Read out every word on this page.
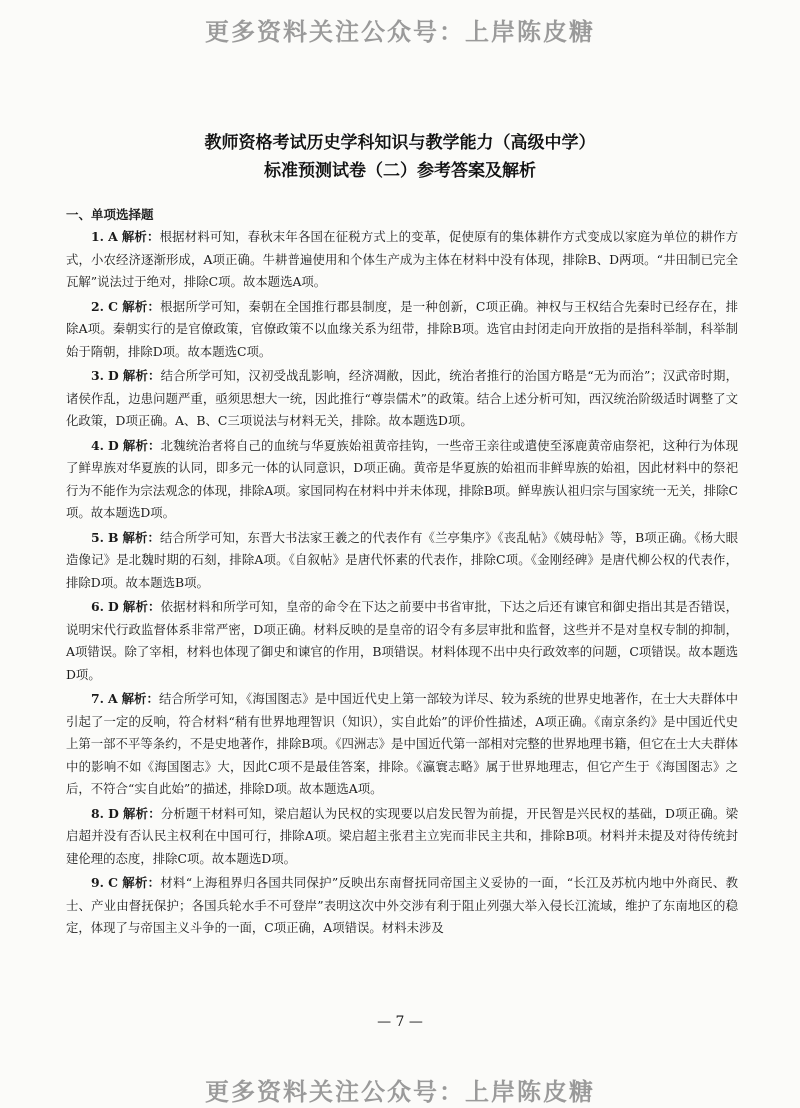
更多资料关注公众号：上岸陈皮糖
教师资格考试历史学科知识与教学能力（高级中学）
标准预测试卷（二）参考答案及解析
一、单项选择题

1. A 解析：根据材料可知，春秋末年各国在征税方式上的变革，促使原有的集体耕作方式变成以家庭为单位的耕作方式，小农经济逐渐形成，A项正确。牛耕普遍使用和个体生产成为主体在材料中没有体现，排除B、D两项。“井田制已完全瓦解”说法过于绝对，排除C项。故本题选A项。

2. C 解析：根据所学可知，秦朝在全国推行郡县制度，是一种创新，C项正确。神权与王权结合先秦时已经存在，排除A项。秦朝实行的是官僚政策，官僚政策不以血缘关系为纽带，排除B项。选官由封闭走向开放指的是指科举制，科举制始于隋朝，排除D项。故本题选C项。

3. D 解析：结合所学可知，汉初受战乱影响，经济凋敝，因此，统治者推行的治国方略是“无为而治”；汉武帝时期，诸侯作乱，边患问题严重，亟须思想大一统，因此推行“尊崇儒术”的政策。结合上述分析可知，西汉统治阶级适时调整了文化政策，D项正确。A、B、C三项说法与材料无关，排除。故本题选D项。

4. D 解析：北魏统治者将自己的血统与华夏族始祖黄帝挂钩，一些帝王亲往或遣使至涿鹿黄帝庙祭祀，这种行为体现了鲜卑族对华夏族的认同，即多元一体的认同意识，D项正确。黄帝是华夏族的始祖而非鲜卑族的始祖，因此材料中的祭祀行为不能作为宗法观念的体现，排除A项。家国同构在材料中并未体现，排除B项。鲜卑族认祖归宗与国家统一无关，排除C项。故本题选D项。

5. B 解析：结合所学可知，东晋大书法家王羲之的代表作有《兰亭集序》《丧乱帖》《姨母帖》等，B项正确。《杨大眼造像记》是北魏时期的石刻，排除A项。《自叙帖》是唐代怀素的代表作，排除C项。《金刚经碑》是唐代柳公权的代表作，排除D项。故本题选B项。

6. D 解析：依据材料和所学可知，皇帝的命令在下达之前要中书省审批，下达之后还有谏官和御史指出其是否错误，说明宋代行政监督体系非常严密，D项正确。材料反映的是皇帝的诏令有多层审批和监督，这些并不是对皇权专制的抑制，A项错误。除了宰相，材料也体现了御史和谏官的作用，B项错误。材料体现不出中央行政效率的问题，C项错误。故本题选D项。

7. A 解析：结合所学可知，《海国图志》是中国近代史上第一部较为详尽、较为系统的世界史地著作，在士大夫群体中引起了一定的反响，符合材料“稍有世界地理智识（知识），实自此始”的评价性描述，A项正确。《南京条约》是中国近代史上第一部不平等条约，不是史地著作，排除B项。《四洲志》是中国近代第一部相对完整的世界地理书籍，但它在士大夫群体中的影响不如《海国图志》大，因此C项不是最佳答案，排除。《瀛寰志略》属于世界地理志，但它产生于《海国图志》之后，不符合“实自此始”的描述，排除D项。故本题选A项。

8. D 解析：分析题干材料可知，梁启超认为民权的实现要以启发民智为前提，开民智是兴民权的基础，D项正确。梁启超并没有否认民主权利在中国可行，排除A项。梁启超主张君主立宪而非民主共和，排除B项。材料并未提及对待传统封建伦理的态度，排除C项。故本题选D项。

9. C 解析：材料“上海租界归各国共同保护”反映出东南督抚同帝国主义妥协的一面，“长江及苏杭内地中外商民、教士、产业由督抚保护；各国兵轮水手不可登岸”表明这次中外交涉有利于阻止列强大举入侵长江流域，维护了东南地区的稳定，体现了与帝国主义斗争的一面，C项正确，A项错误。材料未涉及

— 7 —
更多资料关注公众号：上岸陈皮糖
